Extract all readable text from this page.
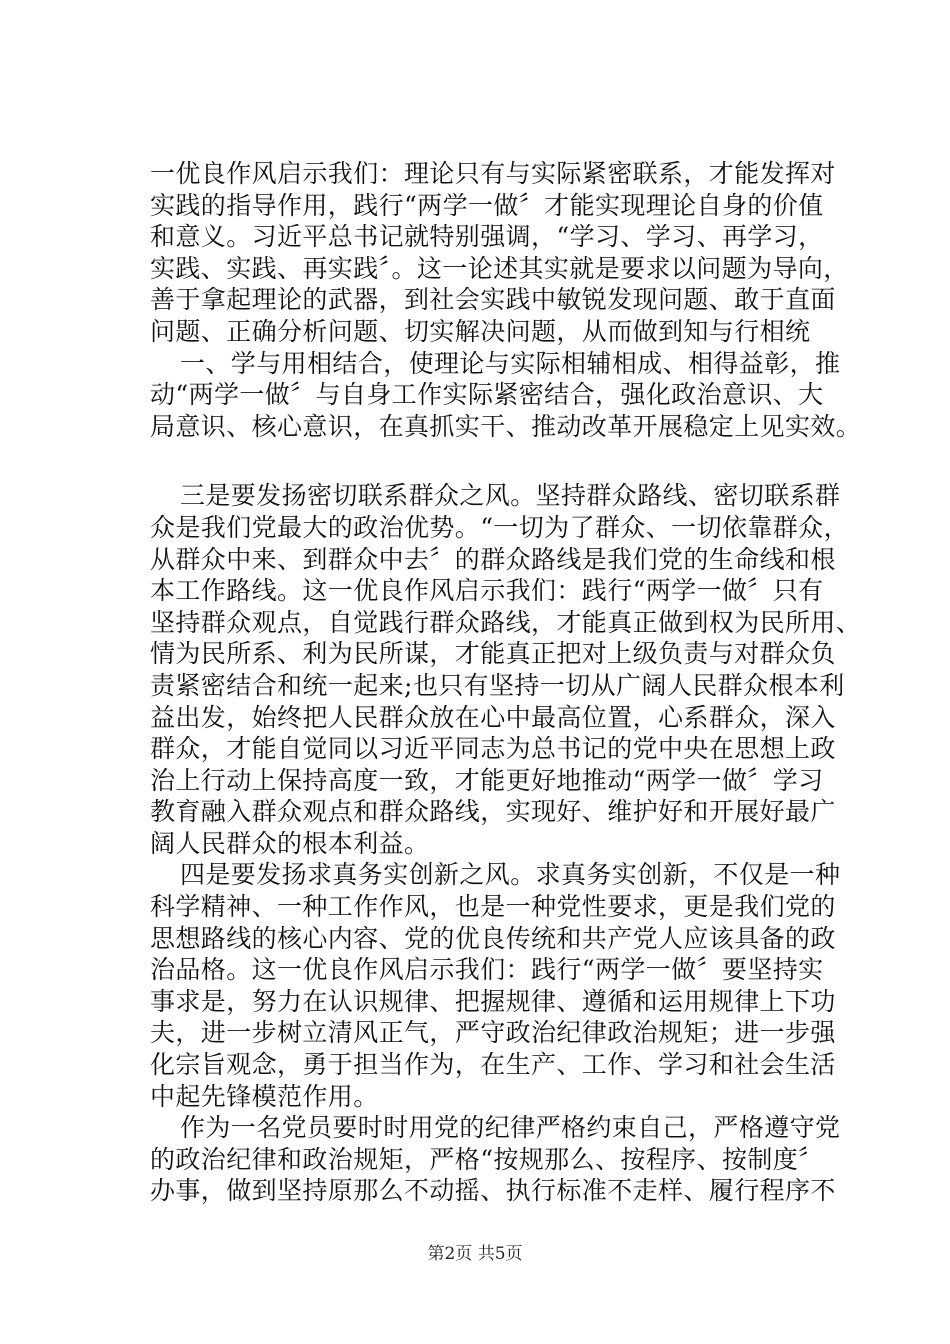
一优良作风启示我们：理论只有与实际紧密联系，才能发挥对
实践的指导作用，践行“两学一做〞才能实现理论自身的价值
和意义。习近平总书记就特别强调，“学习、学习、再学习，
实践、实践、再实践〞。这一论述其实就是要求以问题为导向，
善于拿起理论的武器，到社会实践中敏锐发现问题、敢于直面
问题、正确分析问题、切实解决问题，从而做到知与行相统
一、学与用相结合，使理论与实际相辅相成、相得益彰，推
动“两学一做〞与自身工作实际紧密结合，强化政治意识、大
局意识、核心意识，在真抓实干、推动改革开展稳定上见实效。
三是要发扬密切联系群众之风。坚持群众路线、密切联系群
众是我们党最大的政治优势。“一切为了群众、一切依靠群众，
从群众中来、到群众中去〞的群众路线是我们党的生命线和根
本工作路线。这一优良作风启示我们：践行“两学一做〞只有
坚持群众观点，自觉践行群众路线，才能真正做到权为民所用、
情为民所系、利为民所谋，才能真正把对上级负责与对群众负
责紧密结合和统一起来;也只有坚持一切从广阔人民群众根本利
益出发，始终把人民群众放在心中最高位置，心系群众，深入
群众，才能自觉同以习近平同志为总书记的党中央在思想上政
治上行动上保持高度一致，才能更好地推动“两学一做〞学习
教育融入群众观点和群众路线，实现好、维护好和开展好最广
阔人民群众的根本利益。
四是要发扬求真务实创新之风。求真务实创新，不仅是一种
科学精神、一种工作作风，也是一种党性要求，更是我们党的
思想路线的核心内容、党的优良传统和共产党人应该具备的政
治品格。这一优良作风启示我们：践行“两学一做〞要坚持实
事求是，努力在认识规律、把握规律、遵循和运用规律上下功
夫，进一步树立清风正气，严守政治纪律政治规矩；进一步强
化宗旨观念，勇于担当作为，在生产、工作、学习和社会生活
中起先锋模范作用。
作为一名党员要时时用党的纪律严格约束自己，严格遵守党
的政治纪律和政治规矩，严格“按规那么、按程序、按制度〞
办事，做到坚持原那么不动摇、执行标准不走样、履行程序不
第2页 共5页
